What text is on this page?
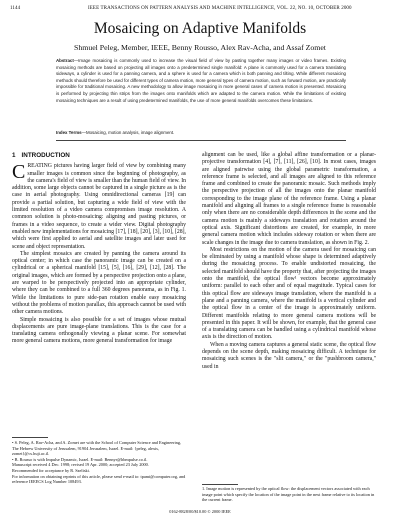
1144	IEEE TRANSACTIONS ON PATTERN ANALYSIS AND MACHINE INTELLIGENCE, VOL. 22, NO. 10, OCTOBER 2000
Mosaicing on Adaptive Manifolds
Shmuel Peleg, Member, IEEE, Benny Rousso, Alex Rav-Acha, and Assaf Zomet
Abstract—Image mosaicing is commonly used to increase the visual field of view by pasting together many images or video frames. Existing mosaicing methods are based on projecting all images onto a predetermined single manifold: A plane is commonly used for a camera translating sideways, a cylinder is used for a panning camera, and a sphere is used for a camera which is both panning and tilting. While different mosaicing methods should therefore be used for different types of camera motion, more general types of camera motion, such as forward motion, are practically impossible for traditional mosaicing. A new methodology to allow image mosaicing in more general cases of camera motion is presented. Mosaicing is performed by projecting thin strips from the images onto manifolds which are adapted to the camera motion. While the limitations of existing mosaicing techniques are a result of using predetermined manifolds, the use of more general manifolds overcomes these limitations.
Index Terms—Mosaicing, motion analysis, image alignment.
1 INTRODUCTION

CREATING pictures having larger field of view by combining many smaller images is common since the beginning of photography, as the camera's field of view is smaller than the human field of view. In addition, some large objects cannot be captured in a single picture as is the case in aerial photography. Using omnidirectional cameras [19] can provide a partial solution, but capturing a wide field of view with the limited resolution of a video camera compromises image resolution. A common solution is photo-mosaicing: aligning and pasting pictures, or frames in a video sequence, to create a wider view. Digital photography enabled new implementations for mosaicing [17], [18], [20], [3], [10], [28], which were first applied to aerial and satellite images and later used for scene and object representation.

The simplest mosaics are created by panning the camera around its optical center; in which case the panoramic image can be created on a cylindrical or a spherical manifold [15], [5], [16], [29], [12], [28]. The original images, which are formed by a perspective projection onto a plane, are warped to be perspectively projected into an appropriate cylinder, where they can be combined to a full 360 degrees panorama, as in Fig. 1. While the limitations to pure side-pan rotation enable easy mosaicing without the problems of motion parallax, this approach cannot be used with other camera motions.

Simple mosaicing is also possible for a set of images whose mutual displacements are pure image-plane translations. This is the case for a translating camera orthogonally viewing a planar scene. For somewhat more general camera motions, more general transformation for image

• S. Peleg, A. Rav-Acha, and A. Zomet are with the School of Computer Science and Engineering, The Hebrew University of Jerusalem, 91904 Jerusalem, Israel. E-mail: {peleg, alexis, zomet}@cs.huji.ac.il.

• B. Rousso is with Impulse Dynamic, Israel. E-mail: Bennyr@hbmpulse.co.il.

Manuscript received 4 Dec. 1998; revised 19 Apr. 2000; accepted 23 July 2000.

Recommended for acceptance by R. Szeliski.

For information on obtaining reprints of this article, please send e-mail to: tpami@computer.org, and reference IEEECS Log Number 108493.

alignment can be used, like a global affine transformation or a planar-projective transformation [4], [7], [11], [26], [10]. In most cases, images are aligned pairwise using the global parametric transformation, a reference frame is selected, and all images are aligned to this reference frame and combined to create the panoramic mosaic. Such methods imply the perspective projection of all the images onto the planar manifold corresponding to the image plane of the reference frame. Using a planar manifold and aligning all frames to a single reference frame is reasonable only when there are no considerable depth differences in the scene and the camera motion is mainly a sideways translation and rotation around the optical axis. Significant distortions are created, for example, in more general camera motion which includes sideway rotation or when there are scale changes in the image due to camera translation, as shown in Fig. 2.

Most restrictions on the motion of the camera used for mosaicing can be eliminated by using a manifold whose shape is determined adaptively during the mosaicing process. To enable undistorted mosaicing, the selected manifold should have the property that, after projecting the images onto the manifold, the optical flow¹ vectors become approximately uniform: parallel to each other and of equal magnitude. Typical cases for this optical flow are sideways image translation, where the manifold is a plane and a panning camera, where the manifold is a vertical cylinder and the optical flow in a center of the image is approximately uniform. Different manifolds relating to more general camera motions will be presented in this paper. It will be shown, for example, that the general case of a translating camera can be handled using a cylindrical manifold whose axis is the direction of motion.

When a moving camera captures a general static scene, the optical flow depends on the scene depth, making mosaicing difficult. A technique for mosaicing such scenes is the "slit camera," or the "pushbroom camera," used in

1. Image motion is represented by the optical flow: the displacement vectors associated with each image point which specify the location of the image point in the next frame relative to its location in the current frame.

0162-8828/00/$10.00 © 2000 IEEE
